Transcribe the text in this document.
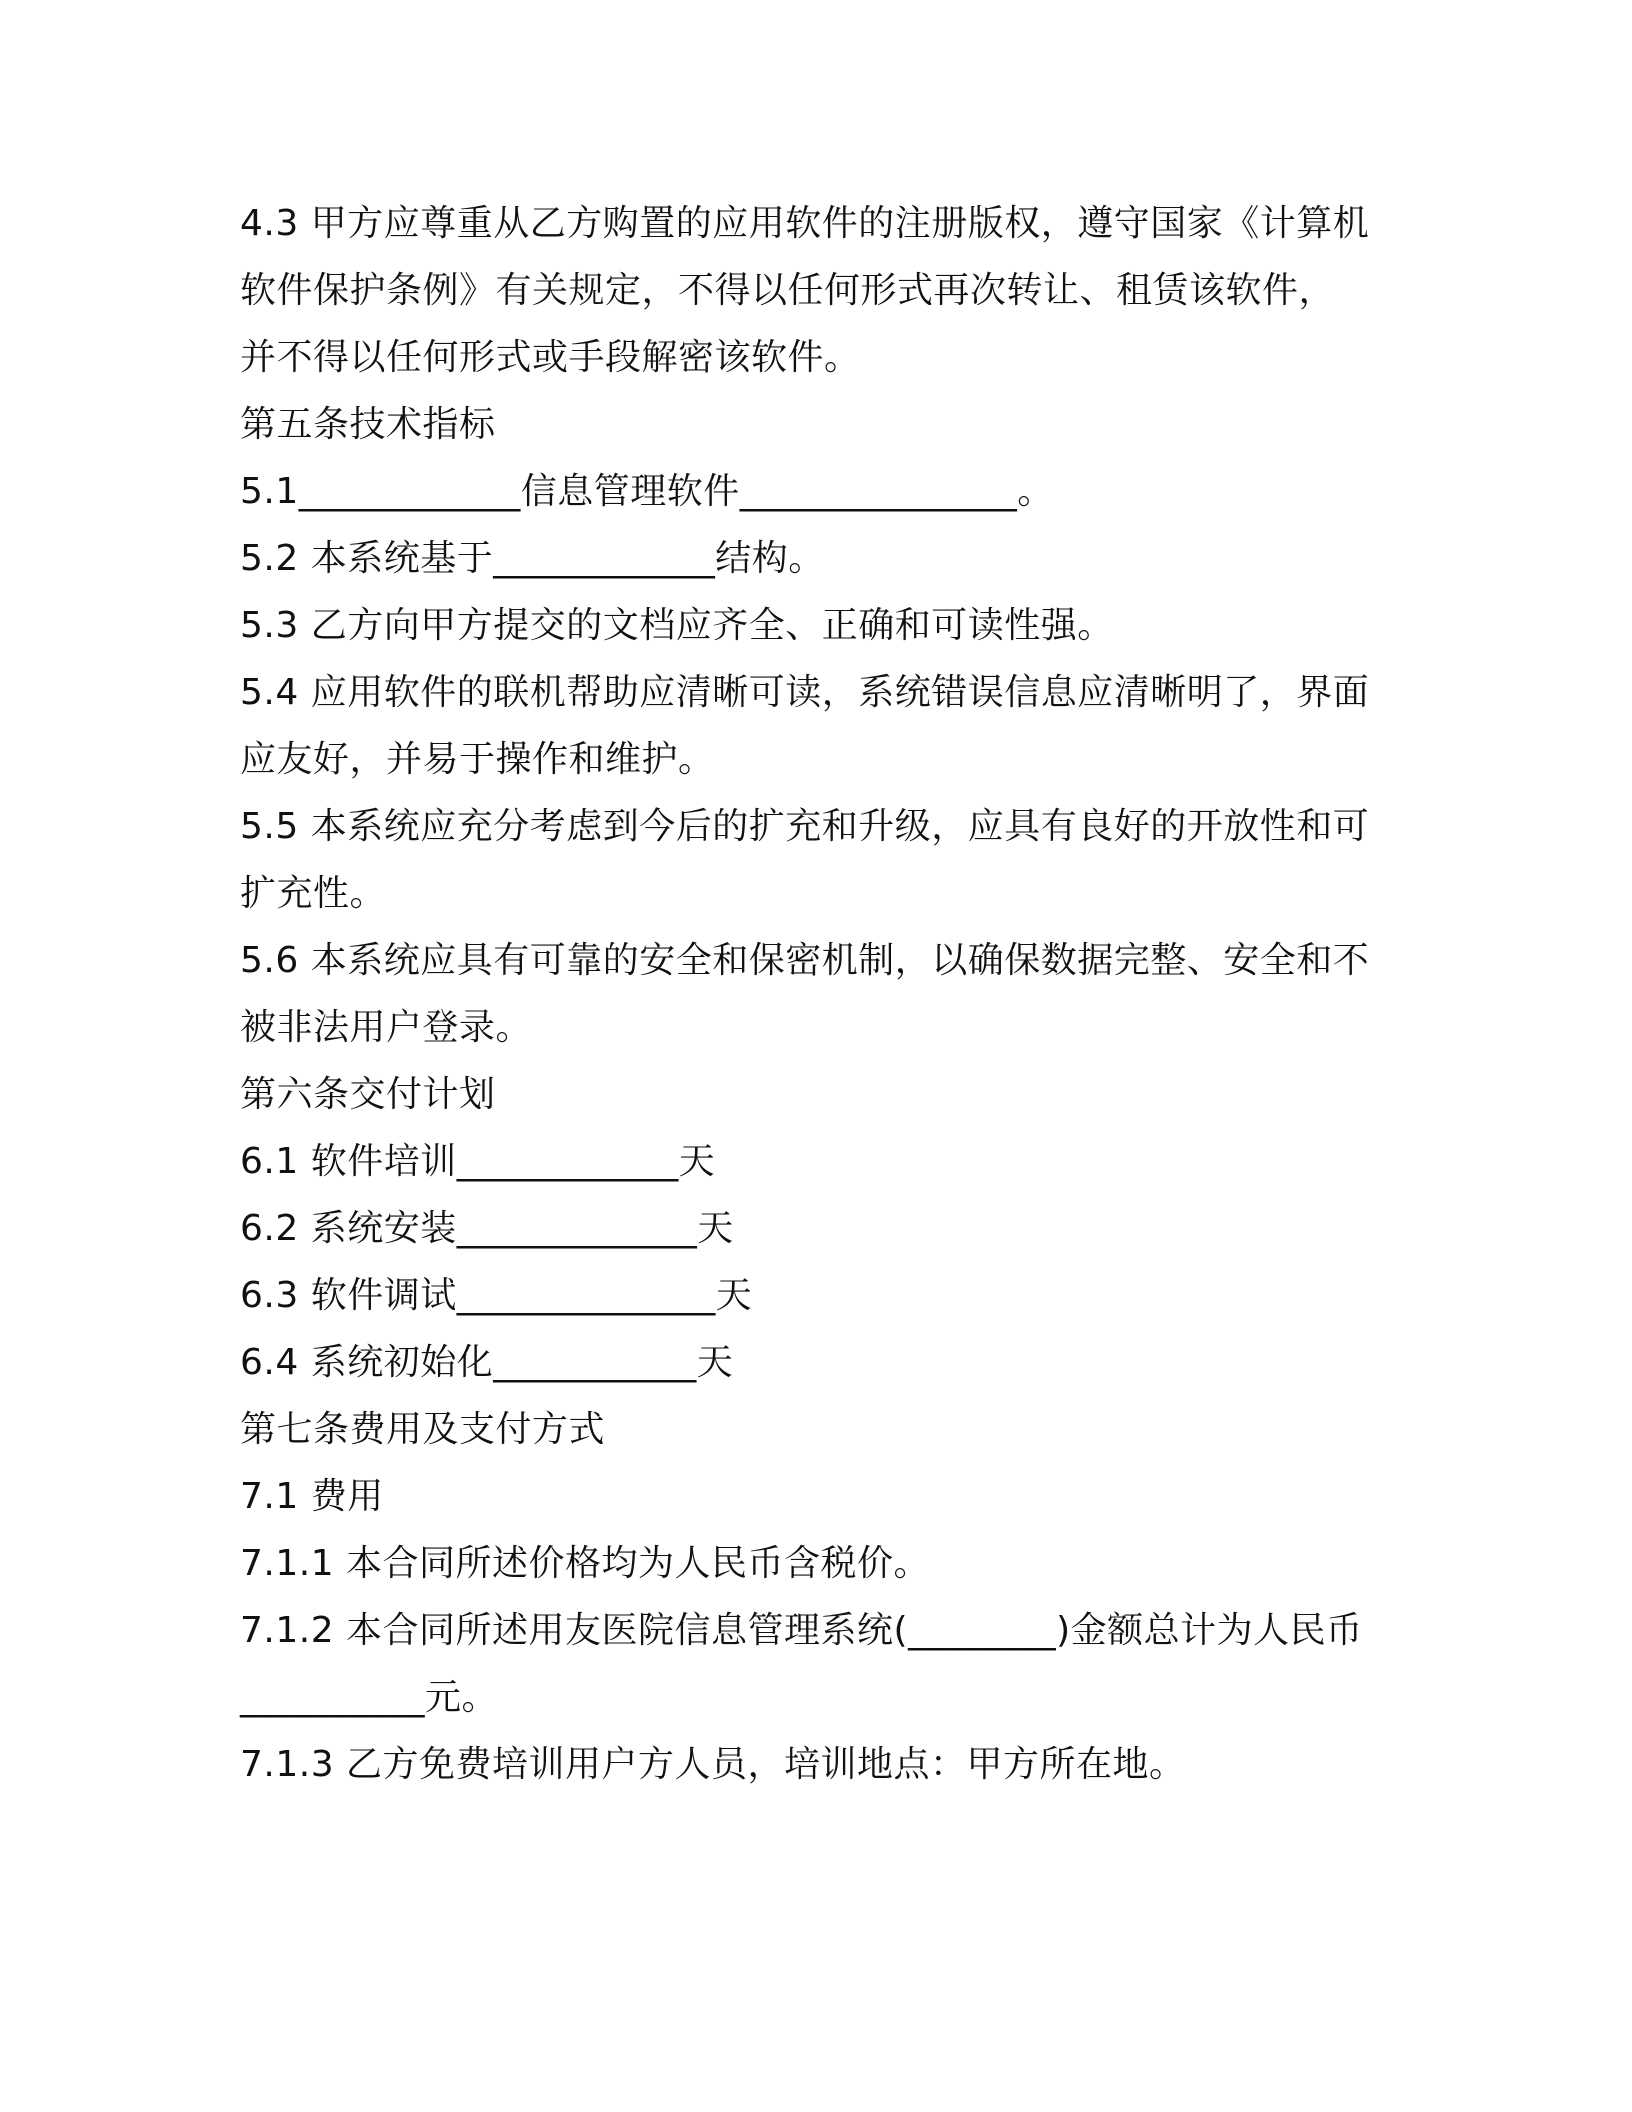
4.3 甲方应尊重从乙方购置的应用软件的注册版权，遵守国家《计算机
软件保护条例》有关规定，不得以任何形式再次转让、租赁该软件，
并不得以任何形式或手段解密该软件。
第五条技术指标
5.1____________信息管理软件_______________。
5.2 本系统基于____________结构。
5.3 乙方向甲方提交的文档应齐全、正确和可读性强。
5.4 应用软件的联机帮助应清晰可读，系统错误信息应清晰明了，界面
应友好，并易于操作和维护。
5.5 本系统应充分考虑到今后的扩充和升级，应具有良好的开放性和可
扩充性。
5.6 本系统应具有可靠的安全和保密机制，以确保数据完整、安全和不
被非法用户登录。
第六条交付计划
6.1 软件培训____________天
6.2 系统安装_____________天
6.3 软件调试______________天
6.4 系统初始化___________天
第七条费用及支付方式
7.1 费用
7.1.1 本合同所述价格均为人民币含税价。
7.1.2 本合同所述用友医院信息管理系统(________)金额总计为人民币
__________元。
7.1.3 乙方免费培训用户方人员，培训地点：甲方所在地。
